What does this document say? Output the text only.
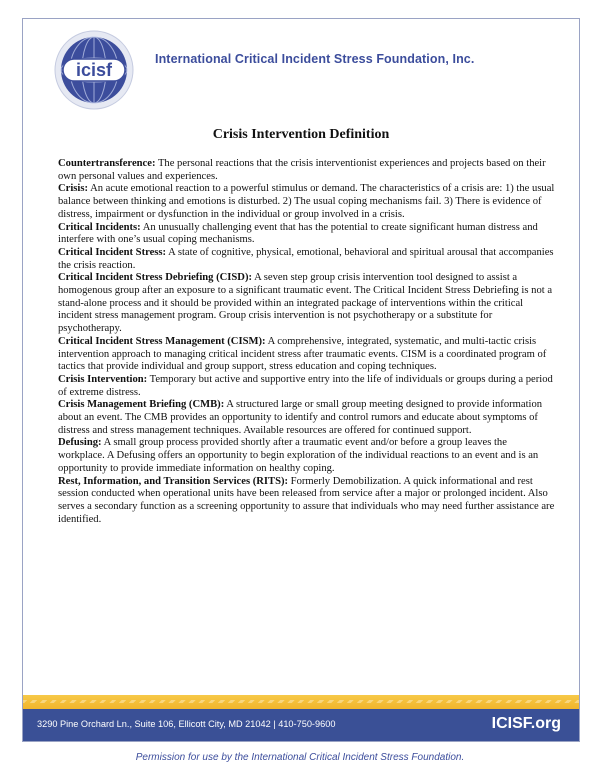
icisf
International Critical Incident Stress Foundation, Inc.
Crisis Intervention Definition

Countertransference: The personal reactions that the crisis interventionist experiences and projects based on their own personal values and experiences.

Crisis: An acute emotional reaction to a powerful stimulus or demand. The characteristics of a crisis are: 1) the usual balance between thinking and emotions is disturbed. 2) The usual coping mechanisms fail. 3) There is evidence of distress, impairment or dysfunction in the individual or group involved in a crisis.

Critical Incidents: An unusually challenging event that has the potential to create significant human distress and interfere with one’s usual coping mechanisms.

Critical Incident Stress: A state of cognitive, physical, emotional, behavioral and spiritual arousal that accompanies the crisis reaction.

Critical Incident Stress Debriefing (CISD): A seven step group crisis intervention tool designed to assist a homogenous group after an exposure to a significant traumatic event. The Critical Incident Stress Debriefing is not a stand-alone process and it should be provided within an integrated package of interventions within the critical incident stress management program. Group crisis intervention is not psychotherapy or a substitute for psychotherapy.

Critical Incident Stress Management (CISM): A comprehensive, integrated, systematic, and multi-tactic crisis intervention approach to managing critical incident stress after traumatic events. CISM is a coordinated program of tactics that provide individual and group support, stress education and coping techniques.

Crisis Intervention: Temporary but active and supportive entry into the life of individuals or groups during a period of extreme distress.

Crisis Management Briefing (CMB): A structured large or small group meeting designed to provide information about an event. The CMB provides an opportunity to identify and control rumors and educate about symptoms of distress and stress management techniques. Available resources are offered for continued support.

Defusing: A small group process provided shortly after a traumatic event and/or before a group leaves the workplace. A Defusing offers an opportunity to begin exploration of the individual reactions to an event and is an opportunity to provide immediate information on healthy coping.

Rest, Information, and Transition Services (RITS): Formerly Demobilization. A quick informational and rest session conducted when operational units have been released from service after a major or prolonged incident. Also serves a secondary function as a screening opportunity to assure that individuals who may need further assistance are identified.

3290 Pine Orchard Ln., Suite 106, Ellicott City, MD 21042 | 410-750-9600	ICISF.org
Permission for use by the International Critical Incident Stress Foundation.
